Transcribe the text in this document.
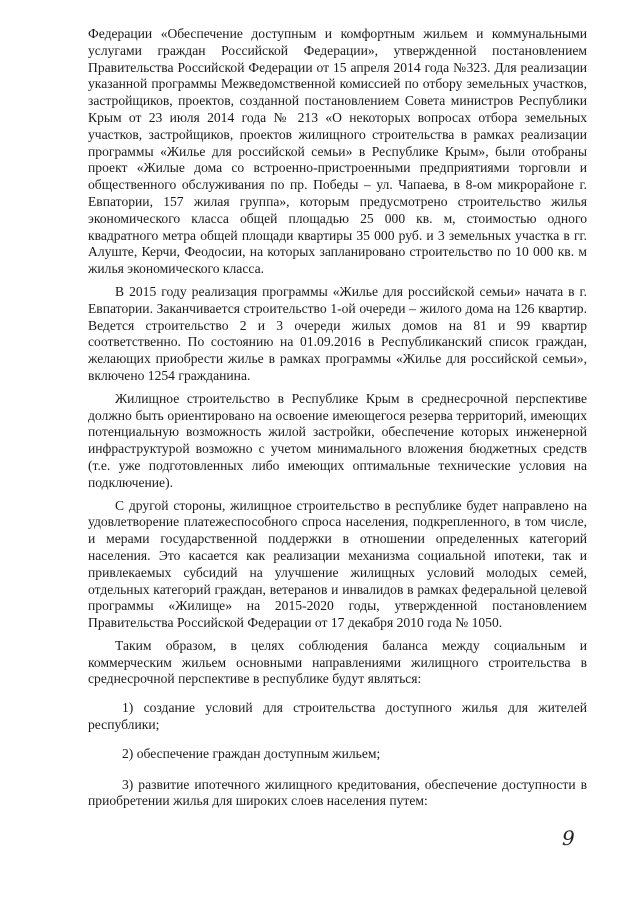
Федерации «Обеспечение доступным и комфортным жильем и коммунальными услугами граждан Российской Федерации», утвержденной постановлением Правительства Российской Федерации от 15 апреля 2014 года №323. Для реализации указанной программы Межведомственной комиссией по отбору земельных участков, застройщиков, проектов, созданной постановлением Совета министров Республики Крым от 23 июля 2014 года № 213 «О некоторых вопросах отбора земельных участков, застройщиков, проектов жилищного строительства в рамках реализации программы «Жилье для российской семьи» в Республике Крым», были отобраны проект «Жилые дома со встроенно-пристроенными предприятиями торговли и общественного обслуживания по пр. Победы – ул. Чапаева, в 8-ом микрорайоне г. Евпатории, 157 жилая группа», которым предусмотрено строительство жилья экономического класса общей площадью 25 000 кв. м, стоимостью одного квадратного метра общей площади квартиры 35 000 руб. и 3 земельных участка в гг. Алуште, Керчи, Феодосии, на которых запланировано строительство по 10 000 кв. м жилья экономического класса.

В 2015 году реализация программы «Жилье для российской семьи» начата в г. Евпатории. Заканчивается строительство 1-ой очереди – жилого дома на 126 квартир. Ведется строительство 2 и 3 очереди жилых домов на 81 и 99 квартир соответственно. По состоянию на 01.09.2016 в Республиканский список граждан, желающих приобрести жилье в рамках программы «Жилье для российской семьи», включено 1254 гражданина.

Жилищное строительство в Республике Крым в среднесрочной перспективе должно быть ориентировано на освоение имеющегося резерва территорий, имеющих потенциальную возможность жилой застройки, обеспечение которых инженерной инфраструктурой возможно с учетом минимального вложения бюджетных средств (т.е. уже подготовленных либо имеющих оптимальные технические условия на подключение).

С другой стороны, жилищное строительство в республике будет направлено на удовлетворение платежеспособного спроса населения, подкрепленного, в том числе, и мерами государственной поддержки в отношении определенных категорий населения. Это касается как реализации механизма социальной ипотеки, так и привлекаемых субсидий на улучшение жилищных условий молодых семей, отдельных категорий граждан, ветеранов и инвалидов в рамках федеральной целевой программы «Жилище» на 2015-2020 годы, утвержденной постановлением Правительства Российской Федерации от 17 декабря 2010 года № 1050.

Таким образом, в целях соблюдения баланса между социальным и коммерческим жильем основными направлениями жилищного строительства в среднесрочной перспективе в республике будут являться:

1) создание условий для строительства доступного жилья для жителей республики;

2) обеспечение граждан доступным жильем;

3) развитие ипотечного жилищного кредитования, обеспечение доступности в приобретении жилья для широких слоев населения путем:

9
